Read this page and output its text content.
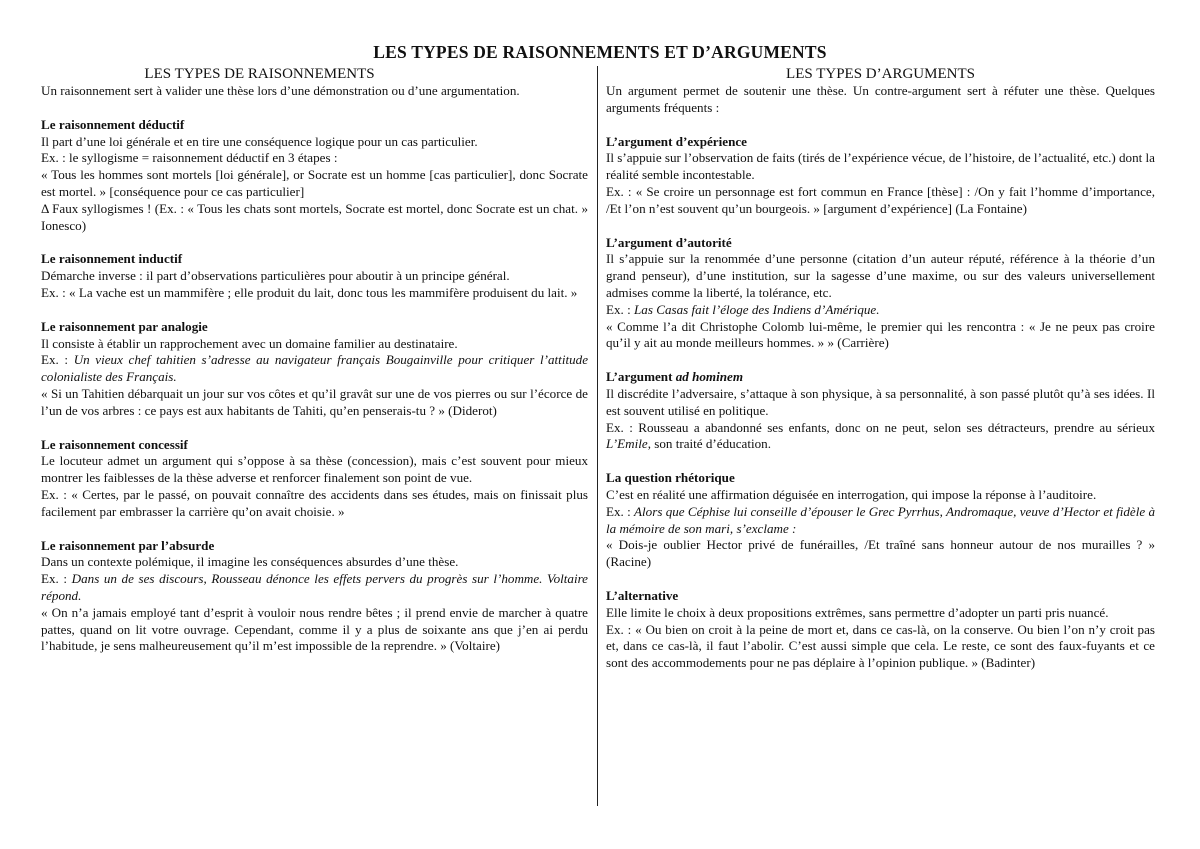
LES TYPES DE RAISONNEMENTS ET D’ARGUMENTS
LES TYPES DE RAISONNEMENTS

Un raisonnement sert à valider une thèse lors d’une démonstration ou d’une argumentation.

Le raisonnement déductif

Il part d’une loi générale et en tire une conséquence logique pour un cas particulier.

Ex. : le syllogisme = raisonnement déductif en 3 étapes :

« Tous les hommes sont mortels [loi générale], or Socrate est un homme [cas particulier], donc Socrate est mortel. » [conséquence pour ce cas particulier]

Δ Faux syllogismes ! (Ex. : « Tous les chats sont mortels, Socrate est mortel, donc Socrate est un chat. » Ionesco)

Le raisonnement inductif

Démarche inverse : il part d’observations particulières pour aboutir à un principe général.

Ex. : « La vache est un mammifère ; elle produit du lait, donc tous les mammifère produisent du lait. »

Le raisonnement par analogie

Il consiste à établir un rapprochement avec un domaine familier au destinataire.

Ex. : Un vieux chef tahitien s’adresse au navigateur français Bougainville pour critiquer l’attitude colonialiste des Français.

« Si un Tahitien débarquait un jour sur vos côtes et qu’il gravât sur une de vos pierres ou sur l’écorce de l’un de vos arbres : ce pays est aux habitants de Tahiti, qu’en penserais-tu ? » (Diderot)

Le raisonnement concessif

Le locuteur admet un argument qui s’oppose à sa thèse (concession), mais c’est souvent pour mieux montrer les faiblesses de la thèse adverse et renforcer finalement son point de vue.

Ex. : « Certes, par le passé, on pouvait connaître des accidents dans ses études, mais on finissait plus facilement par embrasser la carrière qu’on avait choisie. »

Le raisonnement par l’absurde

Dans un contexte polémique, il imagine les conséquences absurdes d’une thèse.

Ex. : Dans un de ses discours, Rousseau dénonce les effets pervers du progrès sur l’homme. Voltaire répond.

« On n’a jamais employé tant d’esprit à vouloir nous rendre bêtes ; il prend envie de marcher à quatre pattes, quand on lit votre ouvrage. Cependant, comme il y a plus de soixante ans que j’en ai perdu l’habitude, je sens malheureusement qu’il m’est impossible de la reprendre. » (Voltaire)

LES TYPES D’ARGUMENTS

Un argument permet de soutenir une thèse. Un contre-argument sert à réfuter une thèse. Quelques arguments fréquents :

L’argument d’expérience

Il s’appuie sur l’observation de faits (tirés de l’expérience vécue, de l’histoire, de l’actualité, etc.) dont la réalité semble incontestable.

Ex. : « Se croire un personnage est fort commun en France [thèse] : /On y fait l’homme d’importance, /Et l’on n’est souvent qu’un bourgeois. » [argument d’expérience] (La Fontaine)

L’argument d’autorité

Il s’appuie sur la renommée d’une personne (citation d’un auteur réputé, référence à la théorie d’un grand penseur), d’une institution, sur la sagesse d’une maxime, ou sur des valeurs universellement admises comme la liberté, la tolérance, etc.

Ex. : Las Casas fait l’éloge des Indiens d’Amérique.

« Comme l’a dit Christophe Colomb lui-même, le premier qui les rencontra : « Je ne peux pas croire qu’il y ait au monde meilleurs hommes. » » (Carrière)

L’argument ad hominem

Il discrédite l’adversaire, s’attaque à son physique, à sa personnalité, à son passé plutôt qu’à ses idées. Il est souvent utilisé en politique.

Ex. : Rousseau a abandonné ses enfants, donc on ne peut, selon ses détracteurs, prendre au sérieux L’Emile, son traité d’éducation.

La question rhétorique

C’est en réalité une affirmation déguisée en interrogation, qui impose la réponse à l’auditoire.

Ex. : Alors que Céphise lui conseille d’épouser le Grec Pyrrhus, Andromaque, veuve d’Hector et fidèle à la mémoire de son mari, s’exclame :

« Dois-je oublier Hector privé de funérailles, /Et traîné sans honneur autour de nos murailles ? » (Racine)

L’alternative

Elle limite le choix à deux propositions extrêmes, sans permettre d’adopter un parti pris nuancé.

Ex. : « Ou bien on croit à la peine de mort et, dans ce cas-là, on la conserve. Ou bien l’on n’y croit pas et, dans ce cas-là, il faut l’abolir. C’est aussi simple que cela. Le reste, ce sont des faux-fuyants et ce sont des accommodements pour ne pas déplaire à l’opinion publique. » (Badinter)
